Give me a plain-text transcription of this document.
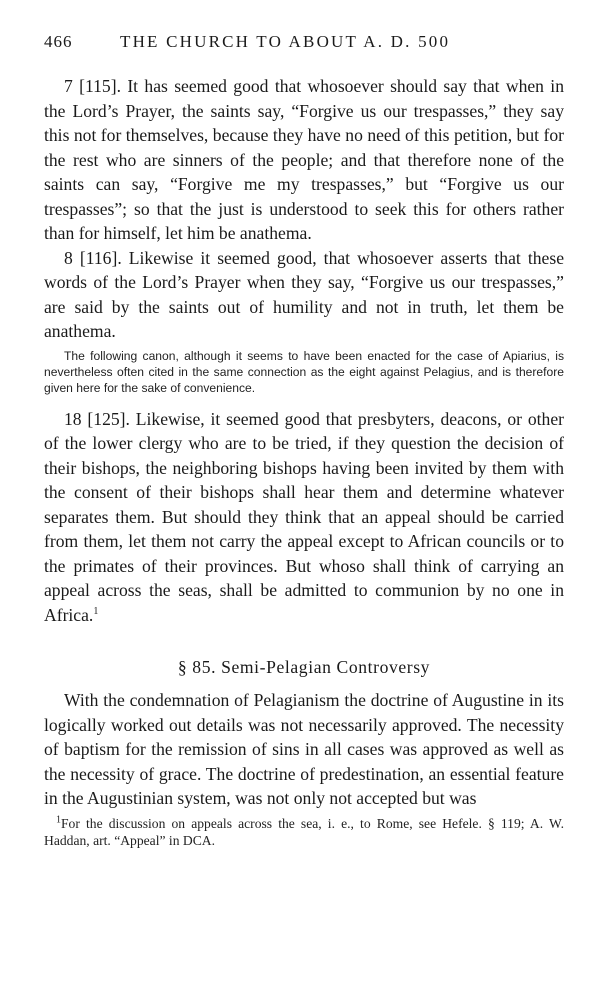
466	THE CHURCH TO ABOUT A. D. 500

7 [115]. It has seemed good that whosoever should say that when in the Lord’s Prayer, the saints say, “Forgive us our trespasses,” they say this not for themselves, because they have no need of this petition, but for the rest who are sinners of the people; and that therefore none of the saints can say, “Forgive me my trespasses,” but “Forgive us our trespasses”; so that the just is understood to seek this for others rather than for himself, let him be anathema.

8 [116]. Likewise it seemed good, that whosoever asserts that these words of the Lord’s Prayer when they say, “Forgive us our trespasses,” are said by the saints out of humility and not in truth, let them be anathema.

The following canon, although it seems to have been enacted for the case of Apiarius, is nevertheless often cited in the same connection as the eight against Pelagius, and is therefore given here for the sake of convenience.

18 [125]. Likewise, it seemed good that presbyters, deacons, or other of the lower clergy who are to be tried, if they question the decision of their bishops, the neighboring bishops having been invited by them with the consent of their bishops shall hear them and determine whatever separates them. But should they think that an appeal should be carried from them, let them not carry the appeal except to African councils or to the primates of their provinces. But whoso shall think of carrying an appeal across the seas, shall be admitted to communion by no one in Africa.$^1$

§ 85. Semi-Pelagian Controversy

With the condemnation of Pelagianism the doctrine of Augustine in its logically worked out details was not necessarily approved. The necessity of baptism for the remission of sins in all cases was approved as well as the necessity of grace. The doctrine of predestination, an essential feature in the Augustinian system, was not only not accepted but was

$^1$For the discussion on appeals across the sea, i. e., to Rome, see Hefele. § 119; A. W. Haddan, art. “Appeal” in DCA.
